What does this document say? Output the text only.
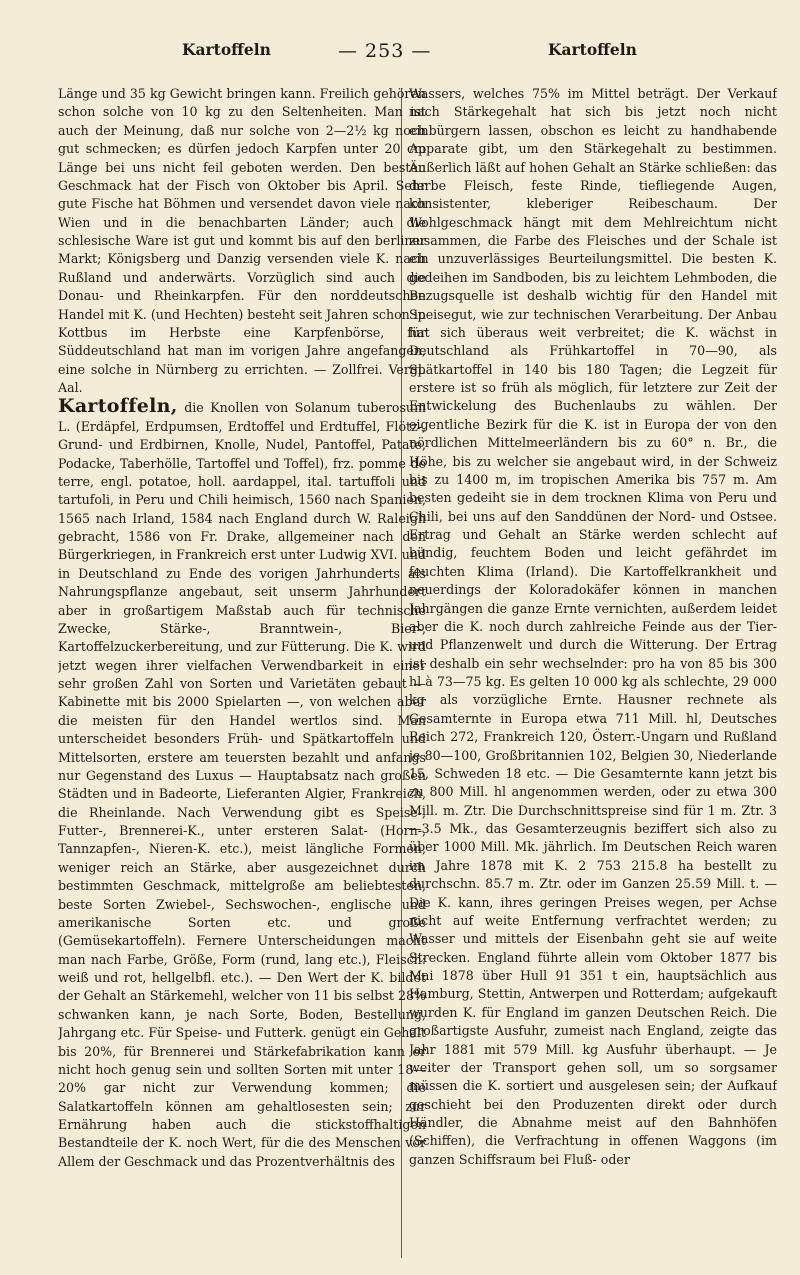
Kartoffeln	— 253 —	Kartoffeln

Länge und 35 kg Gewicht bringen kann. Freilich gehören schon solche von 10 kg zu den Seltenheiten. Man ist auch der Meinung, daß nur solche von 2—2½ kg noch gut schmecken; es dürfen jedoch Karpfen unter 20 cm Länge bei uns nicht feil geboten werden. Den besten Geschmack hat der Fisch von Oktober bis April. Sehr gute Fische hat Böhmen und versendet davon viele nach Wien und in die benachbarten Länder; auch die schlesische Ware ist gut und kommt bis auf den berliner Markt; Königsberg und Danzig versenden viele K. nach Rußland und anderwärts. Vorzüglich sind auch die Donau- und Rheinkarpfen. Für den norddeutschen Handel mit K. (und Hechten) besteht seit Jahren schon in Kottbus im Herbste eine Karpfenbörse, für Süddeutschland hat man im vorigen Jahre angefangen, eine solche in Nürnberg zu errichten. — Zollfrei. Vergl. Aal.

Kartoffeln, die Knollen von Solanum tuberosum L. (Erdäpfel, Erdpumsen, Erdtoffel und Erdtuffel, Flötz-, Grund- und Erdbirnen, Knolle, Nudel, Pantoffel, Patate, Podacke, Taberhölle, Tartoffel und Toffel), frz. pomme de terre, engl. potatoe, holl. aardappel, ital. tartuffoli und tartufoli, in Peru und Chili heimisch, 1560 nach Spanien, 1565 nach Irland, 1584 nach England durch W. Raleigh gebracht, 1586 von Fr. Drake, allgemeiner nach den Bürgerkriegen, in Frankreich erst unter Ludwig XVI. und in Deutschland zu Ende des vorigen Jahrhunderts als Nahrungspflanze angebaut, seit unserm Jahrhundert aber in großartigem Maßstab auch für technische Zwecke, Stärke-, Branntwein-, Bier-, Kartoffelzuckerbereitung, und zur Fütterung. Die K. wird jetzt wegen ihrer vielfachen Verwendbarkeit in einer sehr großen Zahl von Sorten und Varietäten gebaut — Kabinette mit bis 2000 Spielarten —, von welchen aber die meisten für den Handel wertlos sind. Man unterscheidet besonders Früh- und Spätkartoffeln und Mittelsorten, erstere am teuersten bezahlt und anfangs nur Gegenstand des Luxus — Hauptabsatz nach großen Städten und in Badeorte, Lieferanten Algier, Frankreich, die Rheinlande. Nach Verwendung gibt es Speise-, Futter-, Brennerei-K., unter ersteren Salat- (Horn-, Tannzapfen-, Nieren-K. etc.), meist längliche Formen, weniger reich an Stärke, aber ausgezeichnet durch bestimmten Geschmack, mittelgroße am beliebtesten, beste Sorten Zwiebel-, Sechswochen-, englische und amerikanische Sorten etc. und große (Gemüsekartoffeln). Fernere Unterscheidungen macht man nach Farbe, Größe, Form (rund, lang etc.), Fleisch: weiß und rot, hellgelbfl. etc.). — Den Wert der K. bildet der Gehalt an Stärkemehl, welcher von 11 bis selbst 28% schwanken kann, je nach Sorte, Boden, Bestellung, Jahrgang etc. Für Speise- und Futterk. genügt ein Gehalt bis 20%, für Brennerei und Stärkefabrikation kann er nicht hoch genug sein und sollten Sorten mit unter 18—20% gar nicht zur Verwendung kommen; die Salatkartoffeln können am gehaltlosesten sein; zur Ernährung haben auch die stickstoffhaltigen Bestandteile der K. noch Wert, für die des Menschen vor Allem der Geschmack und das Prozentverhältnis des

Wassers, welches 75% im Mittel beträgt. Der Verkauf nach Stärkegehalt hat sich bis jetzt noch nicht einbürgern lassen, obschon es leicht zu handhabende Apparate gibt, um den Stärkegehalt zu bestimmen. Äußerlich läßt auf hohen Gehalt an Stärke schließen: das derbe Fleisch, feste Rinde, tiefliegende Augen, konsistenter, kleberiger Reibeschaum. Der Wohlgeschmack hängt mit dem Mehlreichtum nicht zusammen, die Farbe des Fleisches und der Schale ist ein unzuverlässiges Beurteilungsmittel. Die besten K. gedeihen im Sandboden, bis zu leichtem Lehmboden, die Bezugsquelle ist deshalb wichtig für den Handel mit Speisegut, wie zur technischen Verarbeitung. Der Anbau hat sich überaus weit verbreitet; die K. wächst in Deutschland als Frühkartoffel in 70—90, als Spätkartoffel in 140 bis 180 Tagen; die Legzeit für erstere ist so früh als möglich, für letztere zur Zeit der Entwickelung des Buchenlaubs zu wählen. Der eigentliche Bezirk für die K. ist in Europa der von den nördlichen Mittelmeerländern bis zu 60° n. Br., die Höhe, bis zu welcher sie angebaut wird, in der Schweiz bis zu 1400 m, im tropischen Amerika bis 757 m. Am besten gedeiht sie in dem trocknen Klima von Peru und Chili, bei uns auf den Sanddünen der Nord- und Ostsee. Ertrag und Gehalt an Stärke werden schlecht auf bündig, feuchtem Boden und leicht gefährdet im feuchten Klima (Irland). Die Kartoffelkrankheit und neuerdings der Koloradokäfer können in manchen Jahrgängen die ganze Ernte vernichten, außerdem leidet aber die K. noch durch zahlreiche Feinde aus der Tier- und Pflanzenwelt und durch die Witterung. Der Ertrag ist deshalb ein sehr wechselnder: pro ha von 85 bis 300 hl à 73—75 kg. Es gelten 10 000 kg als schlechte, 29 000 kg als vorzügliche Ernte. Hausner rechnete als Gesamternte in Europa etwa 711 Mill. hl, Deutsches Reich 272, Frankreich 120, Österr.-Ungarn und Rußland je 80—100, Großbritannien 102, Belgien 30, Niederlande 15, Schweden 18 etc. — Die Gesamternte kann jetzt bis zu 800 Mill. hl angenommen werden, oder zu etwa 300 Mill. m. Ztr. Die Durchschnittspreise sind für 1 m. Ztr. 3—3.5 Mk., das Gesamterzeugnis beziffert sich also zu über 1000 Mill. Mk. jährlich. Im Deutschen Reich waren im Jahre 1878 mit K. 2 753 215.8 ha bestellt zu durchschn. 85.7 m. Ztr. oder im Ganzen 25.59 Mill. t. — Die K. kann, ihres geringen Preises wegen, per Achse nicht auf weite Entfernung verfrachtet werden; zu Wasser und mittels der Eisenbahn geht sie auf weite Strecken. England führte allein vom Oktober 1877 bis Mai 1878 über Hull 91 351 t ein, hauptsächlich aus Hamburg, Stettin, Antwerpen und Rotterdam; aufgekauft wurden K. für England im ganzen Deutschen Reich. Die großartigste Ausfuhr, zumeist nach England, zeigte das Jahr 1881 mit 579 Mill. kg Ausfuhr überhaupt. — Je weiter der Transport gehen soll, um so sorgsamer müssen die K. sortiert und ausgelesen sein; der Aufkauf geschieht bei den Produzenten direkt oder durch Händler, die Abnahme meist auf den Bahnhöfen (Schiffen), die Verfrachtung in offenen Waggons (im ganzen Schiffsraum bei Fluß- oder
